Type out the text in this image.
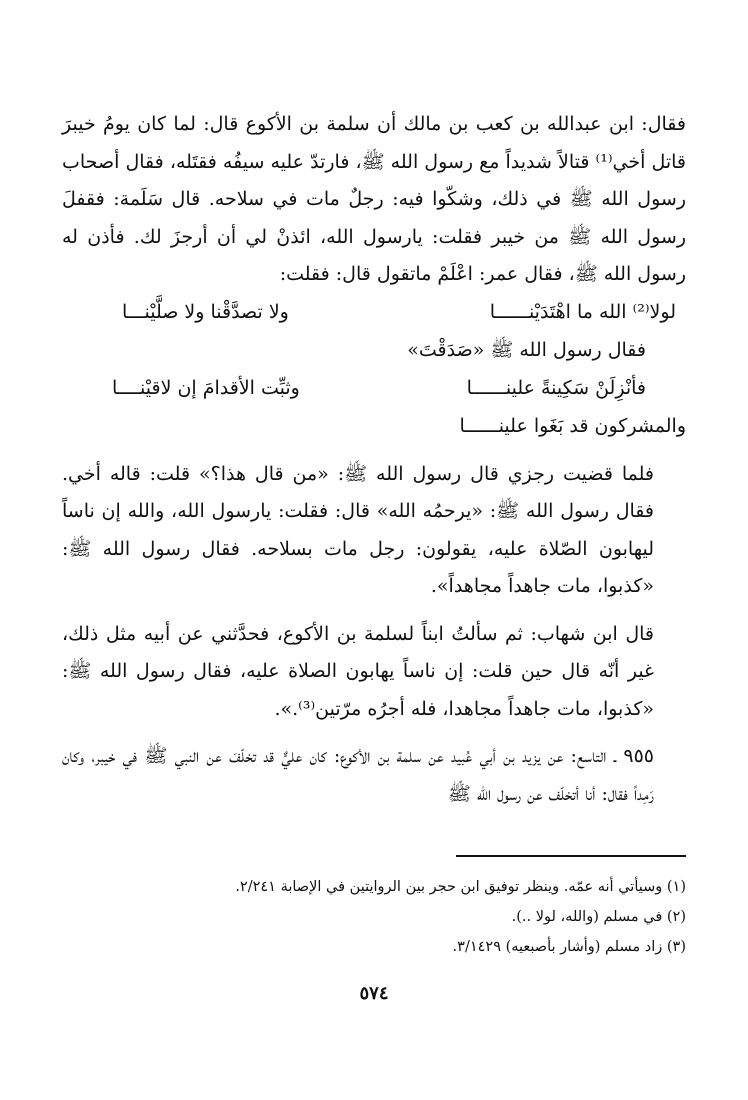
فقال: ابن عبدالله بن كعب بن مالك أن سلمة بن الأكوع قال: لما كان يومُ خيبرَ قاتل أخي⁽¹⁾ قتالاً شديداً مع رسول الله ﷺ، فارتدّ عليه سيفُه فقتَله، فقال أصحاب رسول الله ﷺ في ذلك، وشكّوا فيه: رجلٌ مات في سلاحه. قال سَلَمة: فقفلَ رسول الله ﷺ من خيبر فقلت: يارسول الله، ائذنْ لي أن أرجزَ لك. فأذن له رسول الله ﷺ، فقال عمر: اعْلَمْ ماتقول قال: فقلت:

لولا⁽²⁾ الله ما اهْتَدَيْنــــــا
ولا تصدَّقْنا ولا صلَّيْنـــا
فقال رسول الله ﷺ «صَدَقْتَ»
فأنْزِلَنْ سَكِينةً علينــــــا
وثبِّت الأقدامَ إن لاقيْنــــا
والمشركون قد بَغَوا علينــــــا

فلما قضيت رجزي قال رسول الله ﷺ: «من قال هذا؟» قلت: قاله أخي. فقال رسول الله ﷺ: «يرحمُه الله» قال: فقلت: يارسول الله، والله إن ناساً ليهابون الصّلاة عليه، يقولون: رجل مات بسلاحه. فقال رسول الله ﷺ: «كذبوا، مات جاهداً مجاهداً».

قال ابن شهاب: ثم سألتُ ابناً لسلمة بن الأكوع، فحدَّثني عن أبيه مثل ذلك، غير أنّه قال حين قلت: إن ناساً يهابون الصلاة عليه، فقال رسول الله ﷺ: «كذبوا، مات جاهداً مجاهدا، فله أجرُه مرّتين⁽³⁾.».

٩٥٥ ـ التاسع: عن يزيد بن أبي عُبيد عن سلمة بن الأكوع: كان عليٌّ قد تخلّفَ عن النبي ﷺ في خيبر، وكان رَمِداً فقال: أنا أتخلّف عن رسول الله ﷺ

(١) وسيأتي أنه عمّه. وينظر توفيق ابن حجر بين الروايتين في الإصابة ٢/٢٤١.

(٢) في مسلم (والله، لولا ..).

(٣) زاد مسلم (وأشار بأصبعيه) ٣/١٤٢٩.

٥٧٤
